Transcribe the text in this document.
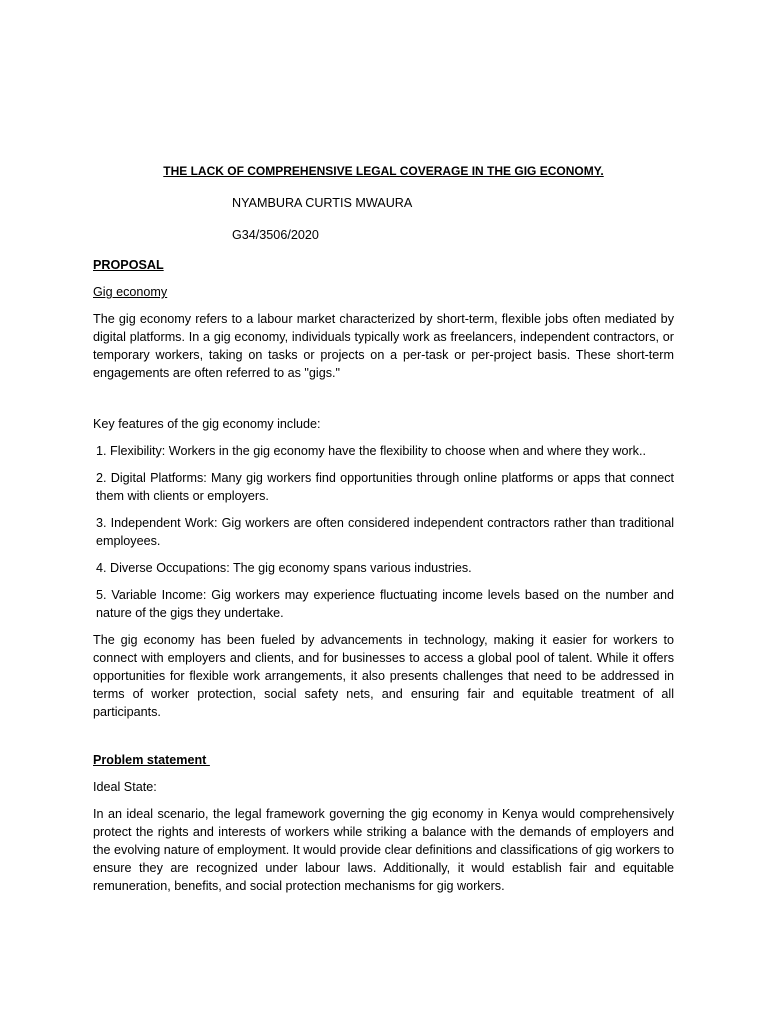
THE LACK OF COMPREHENSIVE LEGAL COVERAGE IN THE GIG ECONOMY.

NYAMBURA CURTIS MWAURA

G34/3506/2020

PROPOSAL

Gig economy

The gig economy refers to a labour market characterized by short-term, flexible jobs often mediated by digital platforms. In a gig economy, individuals typically work as freelancers, independent contractors, or temporary workers, taking on tasks or projects on a per-task or per-project basis. These short-term engagements are often referred to as "gigs."

Key features of the gig economy include:

1. Flexibility: Workers in the gig economy have the flexibility to choose when and where they work..

2. Digital Platforms: Many gig workers find opportunities through online platforms or apps that connect them with clients or employers.

3. Independent Work: Gig workers are often considered independent contractors rather than traditional employees.

4. Diverse Occupations: The gig economy spans various industries.

5. Variable Income: Gig workers may experience fluctuating income levels based on the number and nature of the gigs they undertake.

The gig economy has been fueled by advancements in technology, making it easier for workers to connect with employers and clients, and for businesses to access a global pool of talent. While it offers opportunities for flexible work arrangements, it also presents challenges that need to be addressed in terms of worker protection, social safety nets, and ensuring fair and equitable treatment of all participants.

Problem statement

Ideal State:

In an ideal scenario, the legal framework governing the gig economy in Kenya would comprehensively protect the rights and interests of workers while striking a balance with the demands of employers and the evolving nature of employment. It would provide clear definitions and classifications of gig workers to ensure they are recognized under labour laws. Additionally, it would establish fair and equitable remuneration, benefits, and social protection mechanisms for gig workers.
